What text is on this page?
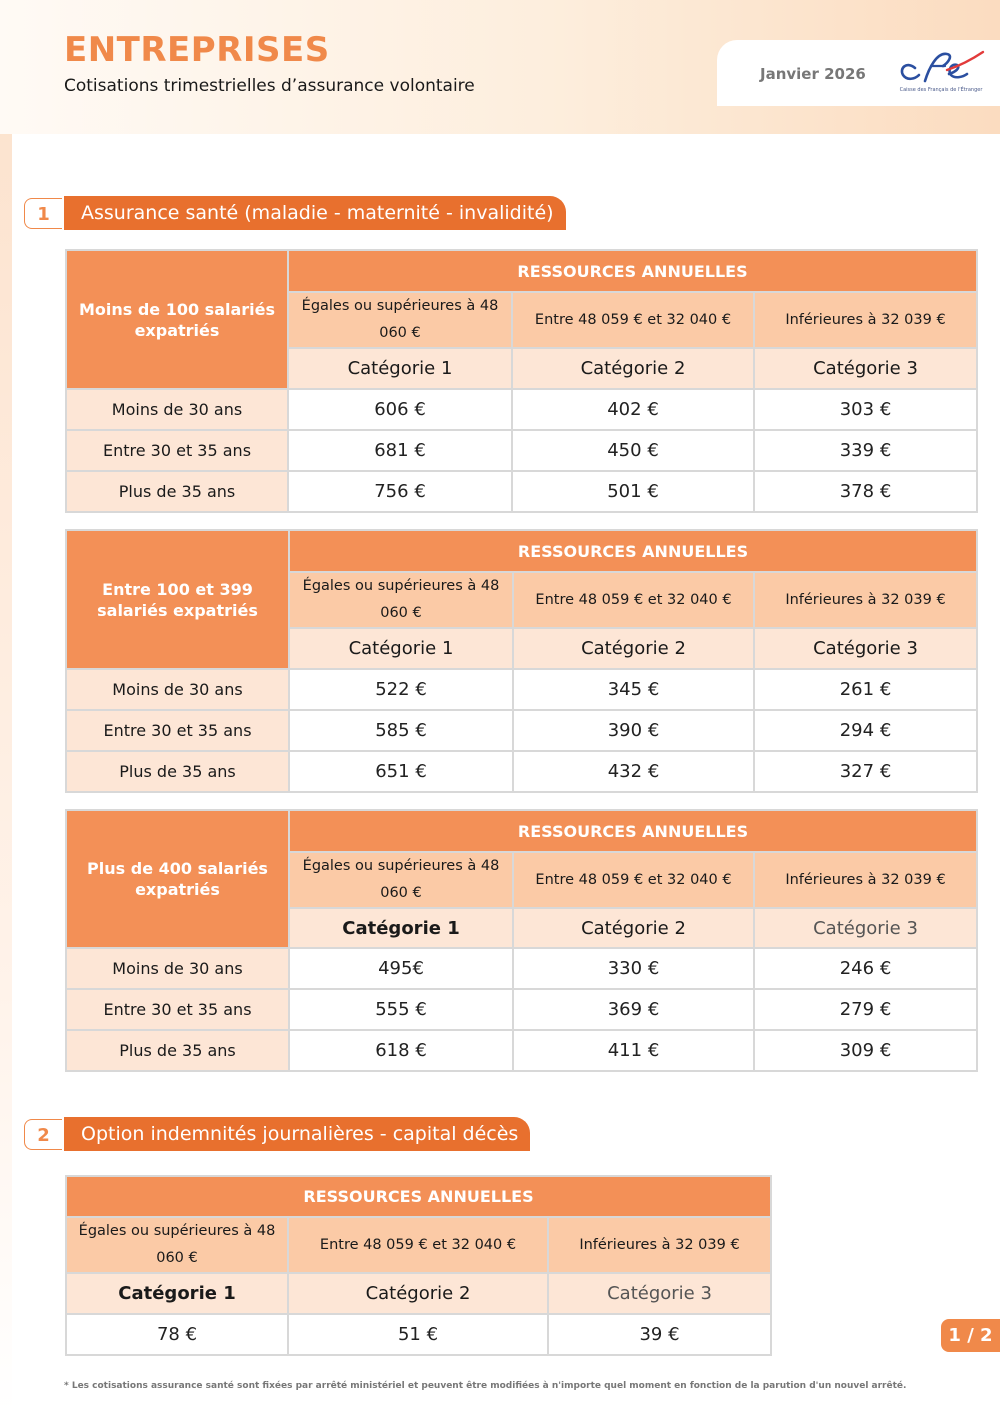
ENTREPRISES

Cotisations trimestrielles d’assurance volontaire

Janvier 2026
Caisse des Français de l'Étranger
1	Assurance santé (maladie - maternité - invalidité)
Moins de 100 salariés expatriés	RESSOURCES ANNUELLES		
	Égales ou supérieures à 48 060 €	Entre 48 059 € et 32 040 €	Inférieures à 32 039 €
	Catégorie 1	Catégorie 2	Catégorie 3
Moins de 30 ans	606 €	402 €	303 €
Entre 30 et 35 ans	681 €	450 €	339 €
Plus de 35 ans	756 €	501 €	378 €
Entre 100 et 399 salariés expatriés	RESSOURCES ANNUELLES		
	Égales ou supérieures à 48 060 €	Entre 48 059 € et 32 040 €	Inférieures à 32 039 €
	Catégorie 1	Catégorie 2	Catégorie 3
Moins de 30 ans	522 €	345 €	261 €
Entre 30 et 35 ans	585 €	390 €	294 €
Plus de 35 ans	651 €	432 €	327 €
Plus de 400 salariés expatriés	RESSOURCES ANNUELLES		
	Égales ou supérieures à 48 060 €	Entre 48 059 € et 32 040 €	Inférieures à 32 039 €
	Catégorie 1	Catégorie 2	Catégorie 3
Moins de 30 ans	495€	330 €	246 €
Entre 30 et 35 ans	555 €	369 €	279 €
Plus de 35 ans	618 €	411 €	309 €
2	Option indemnités journalières - capital décès
RESSOURCES ANNUELLES		
Égales ou supérieures à 48 060 €	Entre 48 059 € et 32 040 €	Inférieures à 32 039 €
Catégorie 1	Catégorie 2	Catégorie 3
78 €	51 €	39 €	1 / 2

* Les cotisations assurance santé sont fixées par arrêté ministériel et peuvent être modifiées à n'importe quel moment en fonction de la parution d'un nouvel arrêté.
